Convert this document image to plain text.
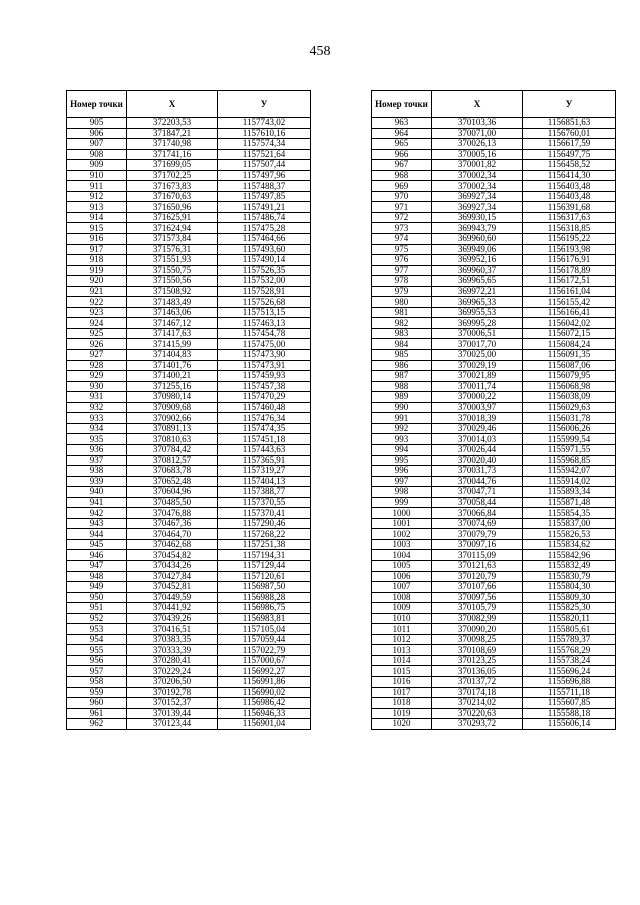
458
Номер точки	X	У
905	372203,53	1157743,02
906	371847,21	1157610,16
907	371740,98	1157574,34
908	371741,16	1157521,64
909	371699,05	1157507,44
910	371702,25	1157497,96
911	371673,83	1157488,37
912	371670,63	1157497,85
913	371650,96	1157491,21
914	371625,91	1157486,74
915	371624,94	1157475,28
916	371573,84	1157464,66
917	371576,31	1157493,60
918	371551,93	1157490,14
919	371550,75	1157526,35
920	371550,56	1157532,00
921	371508,92	1157528,91
922	371483,49	1157526,68
923	371463,06	1157513,15
924	371467,12	1157463,13
925	371417,63	1157454,78
926	371415,99	1157475,00
927	371404,83	1157473,90
928	371401,76	1157473,91
929	371400,21	1157459,93
930	371255,16	1157457,38
931	370980,14	1157470,29
932	370909,68	1157460,48
933	370902,66	1157476,34
934	370891,13	1157474,35
935	370810,63	1157451,18
936	370784,42	1157443,63
937	370812,57	1157365,91
938	370683,78	1157319,27
939	370652,48	1157404,13
940	370604,96	1157388,77
941	370485,50	1157370,55
942	370476,88	1157370,41
943	370467,36	1157290,46
944	370464,70	1157268,22
945	370462,68	1157251,38
946	370454,82	1157194,31
947	370434,26	1157129,44
948	370427,84	1157120,61
949	370452,81	1156987,50
950	370449,59	1156988,28
951	370441,92	1156986,75
952	370439,26	1156983,81
953	370416,51	1157105,04
954	370383,35	1157059,44
955	370333,39	1157022,79
956	370280,41	1157000,67
957	370229,24	1156992,27
958	370206,50	1156991,86
959	370192,78	1156990,02
960	370152,37	1156986,42
961	370139,44	1156946,33
962	370123,44	1156901,04
Номер точки	X	У
963	370103,36	1156851,63
964	370071,00	1156760,01
965	370026,13	1156617,59
966	370005,16	1156497,75
967	370001,82	1156458,52
968	370002,34	1156414,30
969	370002,34	1156403,48
970	369927,34	1156403,48
971	369927,34	1156391,68
972	369930,15	1156317,63
973	369943,79	1156318,85
974	369960,60	1156195,22
975	369949,06	1156193,98
976	369952,16	1156176,91
977	369960,37	1156178,89
978	369965,65	1156172,51
979	369972,21	1156161,04
980	369965,33	1156155,42
981	369955,53	1156166,41
982	369995,28	1156042,02
983	370006,51	1156072,15
984	370017,70	1156084,24
985	370025,00	1156091,35
986	370029,19	1156087,06
987	370021,89	1156079,95
988	370011,74	1156068,98
989	370000,22	1156038,09
990	370003,97	1156029,63
991	370018,39	1156031,78
992	370029,46	1156006,26
993	370014,03	1155999,54
994	370026,44	1155971,55
995	370020,40	1155968,85
996	370031,73	1155942,07
997	370044,76	1155914,02
998	370047,71	1155893,34
999	370058,44	1155871,48
1000	370066,84	1155854,35
1001	370074,69	1155837,00
1002	370079,79	1155826,53
1003	370097,16	1155834,62
1004	370115,09	1155842,96
1005	370121,63	1155832,49
1006	370120,79	1155830,79
1007	370107,66	1155804,30
1008	370097,56	1155809,30
1009	370105,79	1155825,30
1010	370082,99	1155820,11
1011	370090,20	1155805,61
1012	370098,25	1155789,37
1013	370108,69	1155768,29
1014	370123,25	1155738,24
1015	370136,05	1155696,24
1016	370137,72	1155696,88
1017	370174,18	1155711,18
1018	370214,02	1155607,85
1019	370220,63	1155588,18
1020	370293,72	1155606,14
